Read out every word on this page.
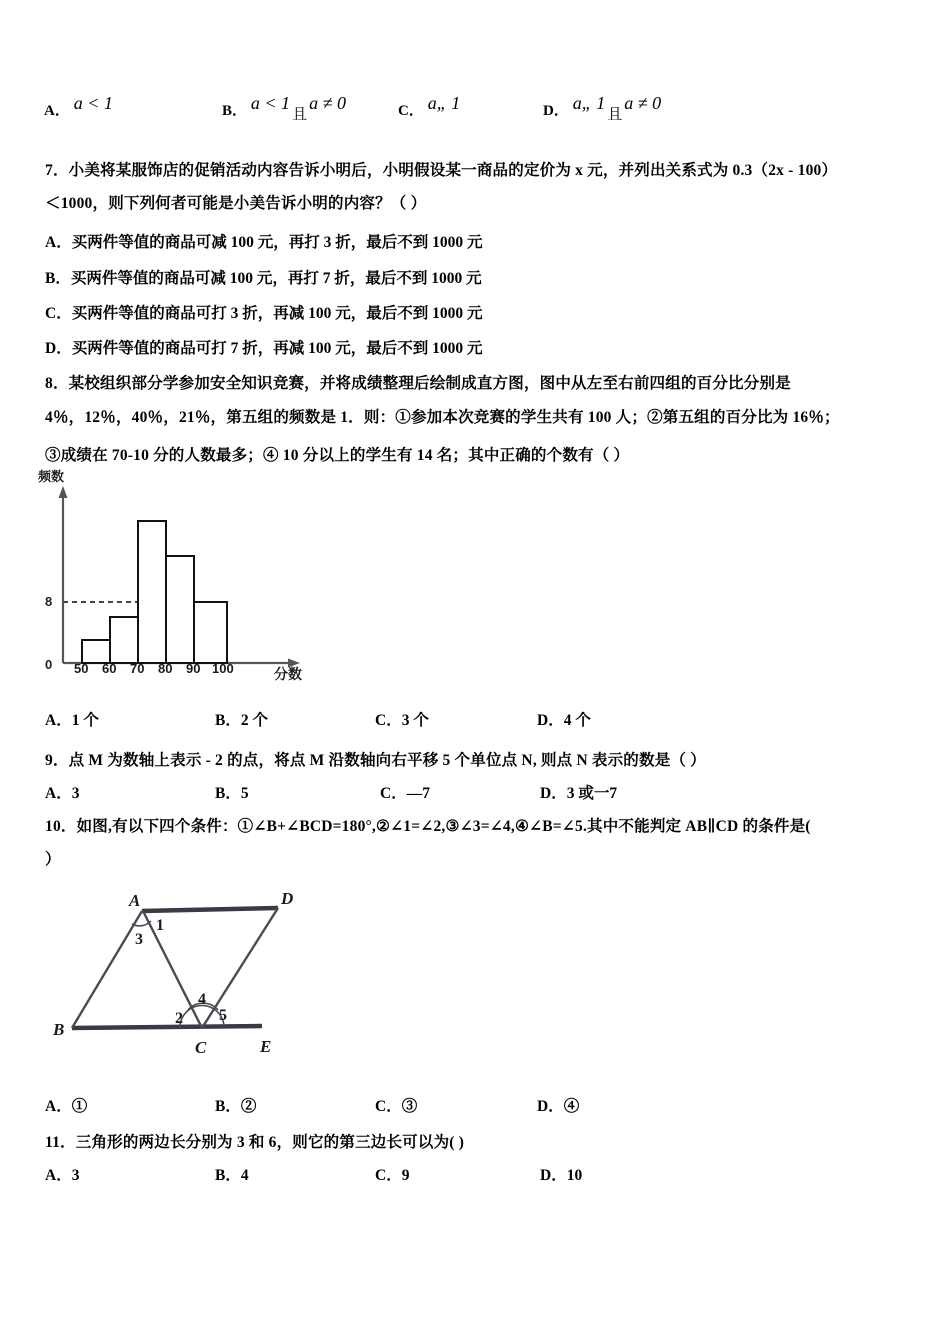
A． a < 1	B． a < 1且a ≠ 0	C． a„ 1	D． a„ 1且a ≠ 0
7．小美将某服饰店的促销活动内容告诉小明后，小明假设某一商品的定价为 x 元，并列出关系式为 0.3（2x - 100）
＜1000，则下列何者可能是小美告诉小明的内容？（ ）
A．买两件等值的商品可减 100 元，再打 3 折，最后不到 1000 元
B．买两件等值的商品可减 100 元，再打 7 折，最后不到 1000 元
C．买两件等值的商品可打 3 折，再减 100 元，最后不到 1000 元
D．买两件等值的商品可打 7 折，再减 100 元，最后不到 1000 元
8．某校组织部分学参加安全知识竞赛，并将成绩整理后绘制成直方图，图中从左至右前四组的百分比分别是
4％，12％，40％，21％，第五组的频数是 1．则：①参加本次竞赛的学生共有 100 人；②第五组的百分比为 16％；
③成绩在 70-10 分的人数最多；④ 10 分以上的学生有 14 名；其中正确的个数有（ ）
频数
分数
8
0 50 60 70 80 90 100
A．1 个	B．2 个	C．3 个	D．4 个
9．点 M 为数轴上表示 - 2 的点，将点 M 沿数轴向右平移 5 个单位点 N, 则点 N 表示的数是（ ）
A．3	B．5	C．—7	D．3 或一7
10．如图,有以下四个条件：①∠B+∠BCD=180°,②∠1=∠2,③∠3=∠4,④∠B=∠5.其中不能判定 AB∥CD 的条件是(
）
A	D
B
C	E
1
2
3
4
5
A．①	B．②	C．③	D．④
11．三角形的两边长分别为 3 和 6，则它的第三边长可以为( )
A．3	B．4	C．9	D．10
